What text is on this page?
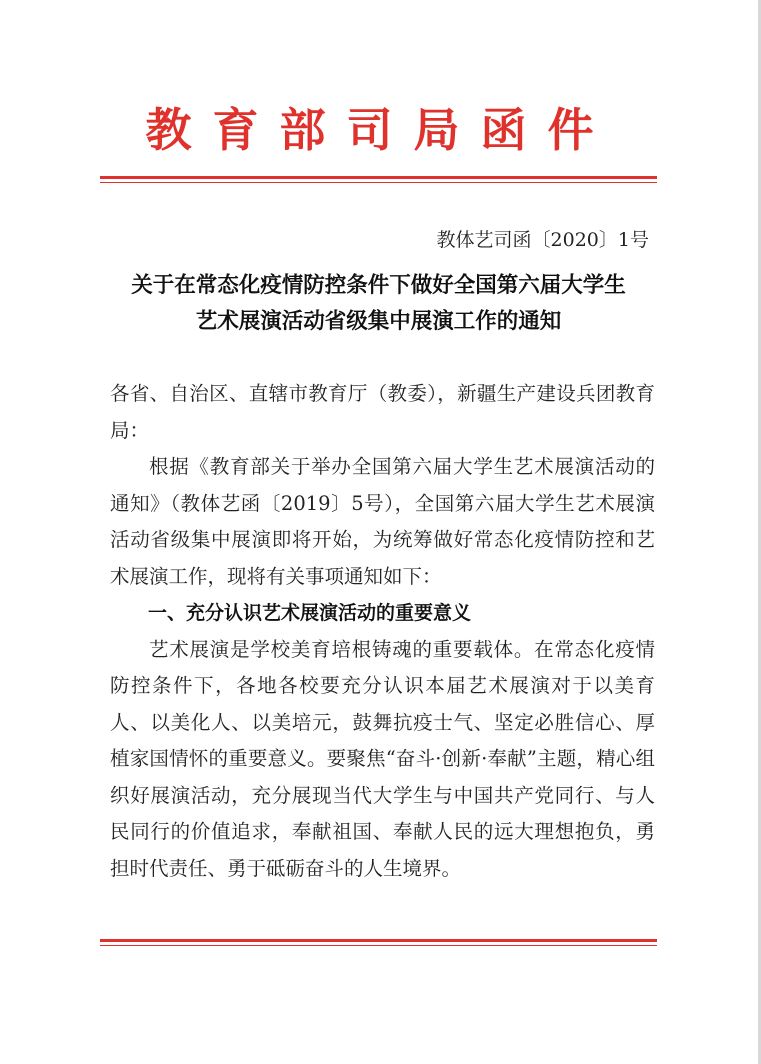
教育部司局函件
教体艺司函〔2020〕1号
关于在常态化疫情防控条件下做好全国第六届大学生
艺术展演活动省级集中展演工作的通知

各省、自治区、直辖市教育厅（教委），新疆生产建设兵团教育局：

根据《教育部关于举办全国第六届大学生艺术展演活动的通知》（教体艺函〔2019〕5号），全国第六届大学生艺术展演活动省级集中展演即将开始，为统筹做好常态化疫情防控和艺术展演工作，现将有关事项通知如下：

一、充分认识艺术展演活动的重要意义

艺术展演是学校美育培根铸魂的重要载体。在常态化疫情防控条件下，各地各校要充分认识本届艺术展演对于以美育人、以美化人、以美培元，鼓舞抗疫士气、坚定必胜信心、厚植家国情怀的重要意义。要聚焦“奋斗·创新·奉献”主题，精心组织好展演活动，充分展现当代大学生与中国共产党同行、与人民同行的价值追求，奉献祖国、奉献人民的远大理想抱负，勇担时代责任、勇于砥砺奋斗的人生境界。
